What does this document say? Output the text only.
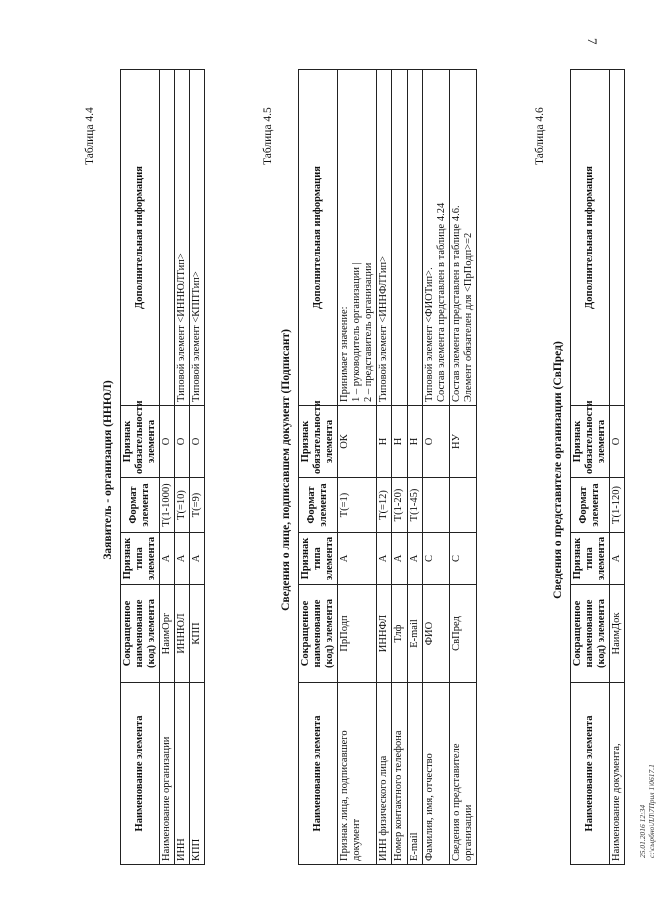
7
Таблица 4.4
Заявитель - организация (ННЮЛ)
Наименование элемента	Сокращенное наименование (код) элемента	Признак типа элемента	Формат элемента	Признак обязательности элемента	Дополнительная информация
Наименование организации	НаимОрг	А	T(1-1000)	О	
ИНН	ИННЮЛ	А	T(=10)	О	Типовой элемент <ИННЮЛТип>
КПП	КПП	А	T(=9)	О	Типовой элемент <КППТип>
Таблица 4.5
Сведения о лице, подписавшем документ (Подписант)
Наименование элемента	Сокращенное наименование (код) элемента	Признак типа элемента	Формат элемента	Признак обязательности элемента	Дополнительная информация
Признак лица, подписавшего документ	ПрПодп	А	T(=1)	ОК	Принимает значение:
1 – руководитель организации |
2 – представитель организации
ИНН физического лица	ИННФЛ	А	T(=12)	Н	Типовой элемент <ИННФЛТип>
Номер контактного телефона	Тлф	А	T(1-20)	Н	
E-mail	E-mail	А	T(1-45)	Н	
Фамилия, имя, отчество	ФИО	С		О	Типовой элемент <ФИОТип>.
Состав элемента представлен в таблице 4.24
Сведения о представителе организации	СвПред	С		НУ	Состав элемента представлен в таблице 4.6.
Элемент обязателен для <ПрПодп>=2
Таблица 4.6
Сведения о представителе организации (СвПред)
Наименование элемента	Сокращенное наименование (код) элемента	Признак типа элемента	Формат элемента	Признак обязательности элемента	Дополнительная информация
Наименование документа,	НаимДок	А	T(1-120)	О	
25.01.2016 12:34
с:\сырбно\ЛЛ\7Прил 1\0617.1
